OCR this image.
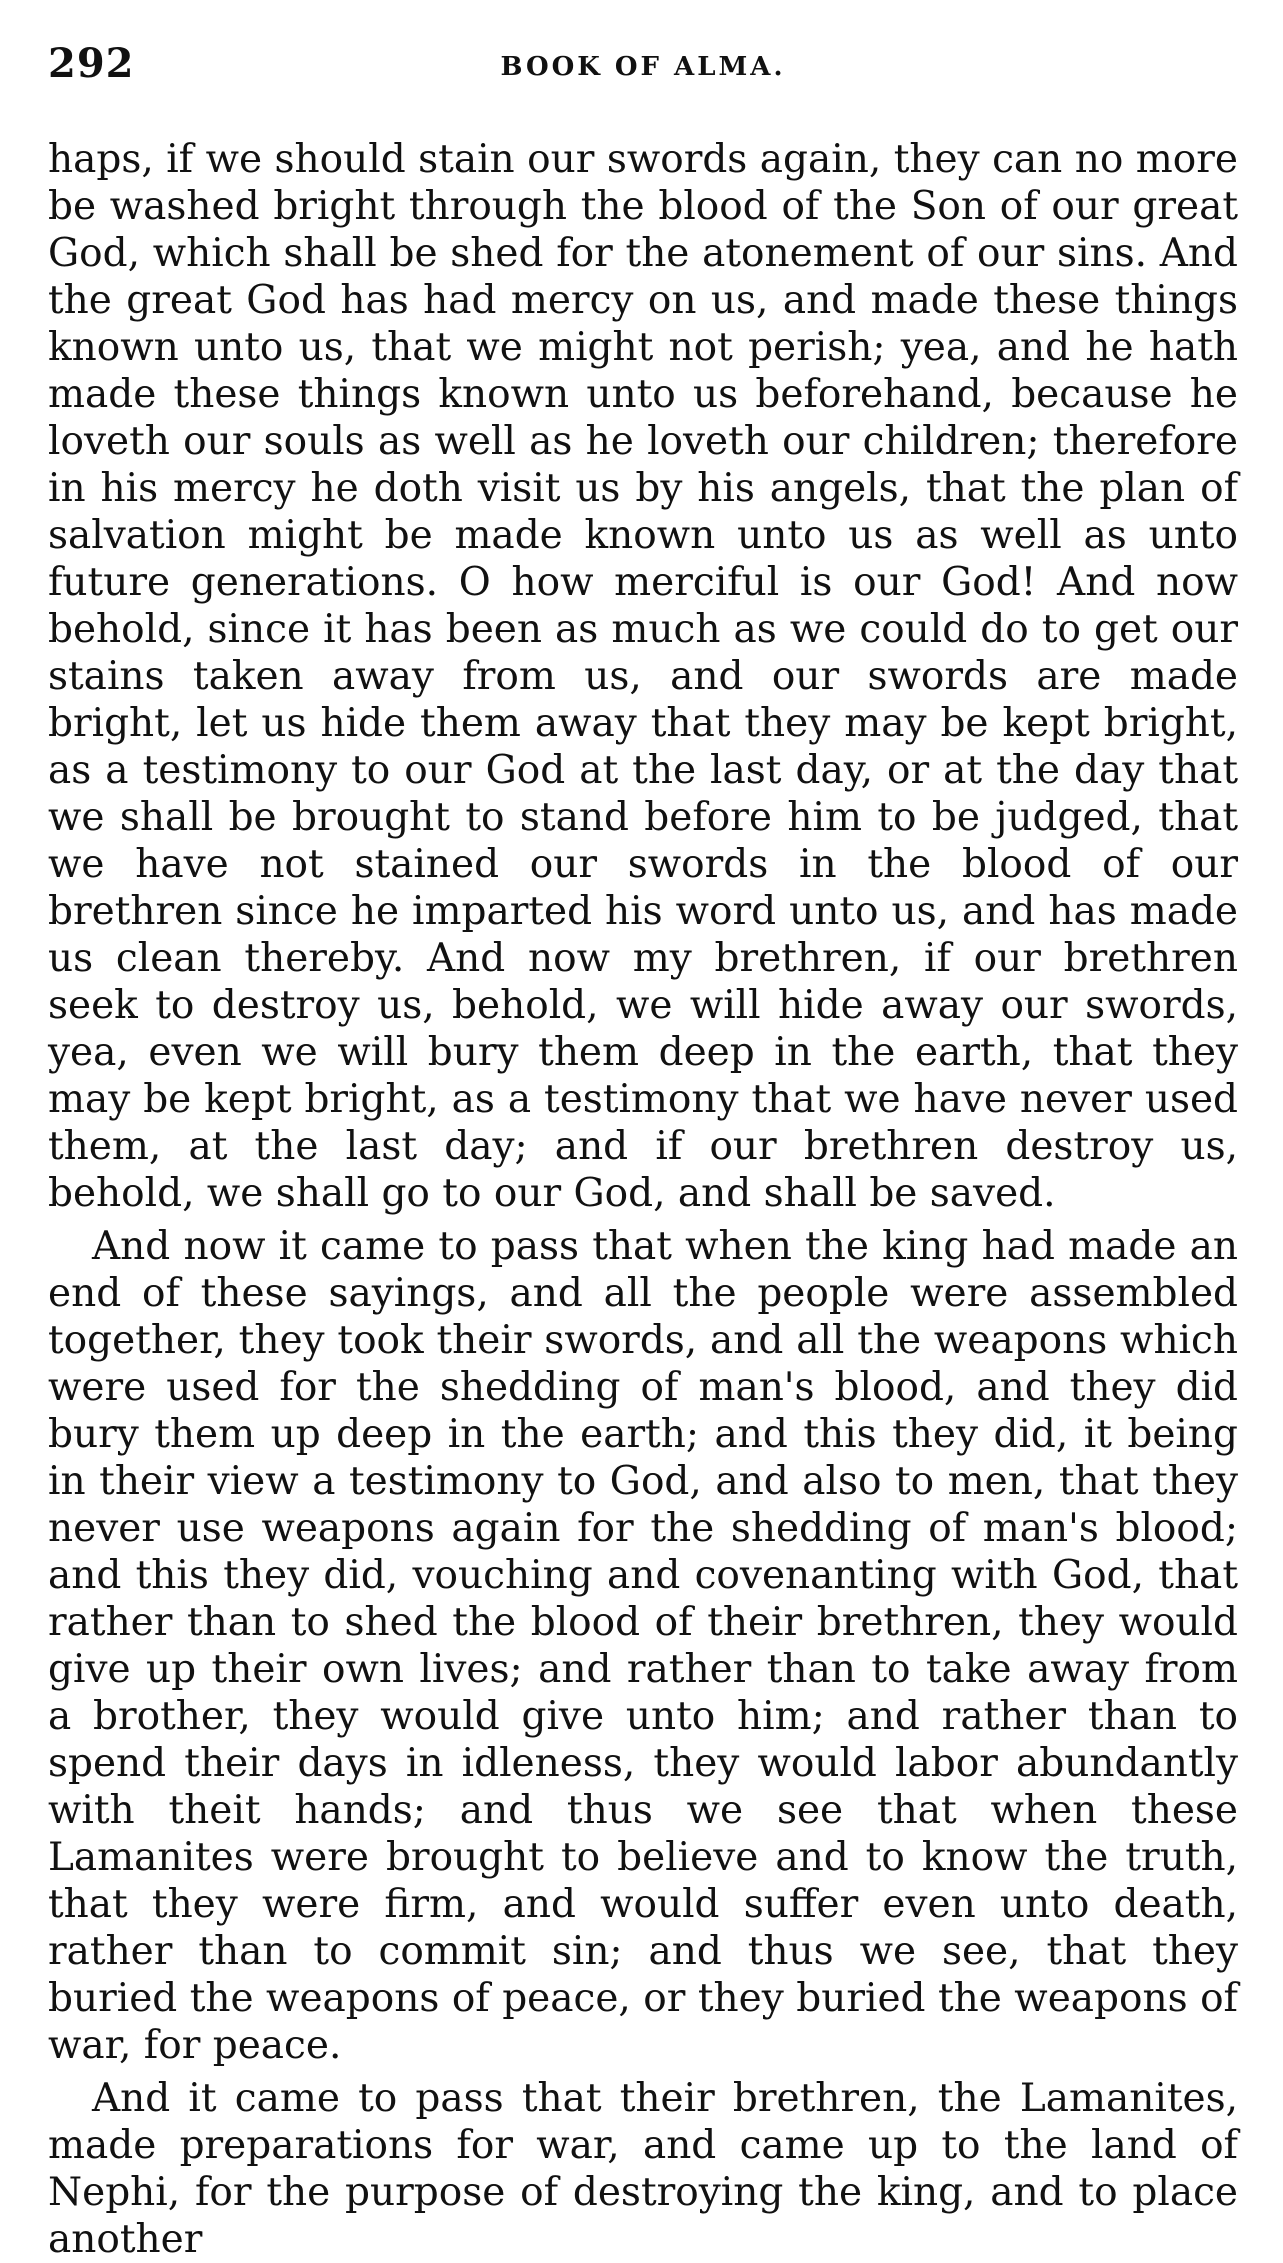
292	BOOK OF ALMA.

haps, if we should stain our swords again, they can no more be washed bright through the blood of the Son of our great God, which shall be shed for the atonement of our sins. And the great God has had mercy on us, and made these things known unto us, that we might not perish; yea, and he hath made these things known unto us beforehand, because he loveth our souls as well as he loveth our children; therefore in his mercy he doth visit us by his angels, that the plan of salvation might be made known unto us as well as unto future generations. O how merciful is our God! And now behold, since it has been as much as we could do to get our stains taken away from us, and our swords are made bright, let us hide them away that they may be kept bright, as a testimony to our God at the last day, or at the day that we shall be brought to stand before him to be judged, that we have not stained our swords in the blood of our brethren since he imparted his word unto us, and has made us clean thereby. And now my brethren, if our brethren seek to destroy us, behold, we will hide away our swords, yea, even we will bury them deep in the earth, that they may be kept bright, as a testimony that we have never used them, at the last day; and if our brethren destroy us, behold, we shall go to our God, and shall be saved.

And now it came to pass that when the king had made an end of these sayings, and all the people were assembled together, they took their swords, and all the weapons which were used for the shedding of man's blood, and they did bury them up deep in the earth; and this they did, it being in their view a testimony to God, and also to men, that they never use weapons again for the shedding of man's blood; and this they did, vouching and covenanting with God, that rather than to shed the blood of their brethren, they would give up their own lives; and rather than to take away from a brother, they would give unto him; and rather than to spend their days in idleness, they would labor abundantly with theit hands; and thus we see that when these Lamanites were brought to believe and to know the truth, that they were firm, and would suffer even unto death, rather than to commit sin; and thus we see, that they buried the weapons of peace, or they buried the weapons of war, for peace.

And it came to pass that their brethren, the Lamanites, made preparations for war, and came up to the land of Nephi, for the purpose of destroying the king, and to place another
